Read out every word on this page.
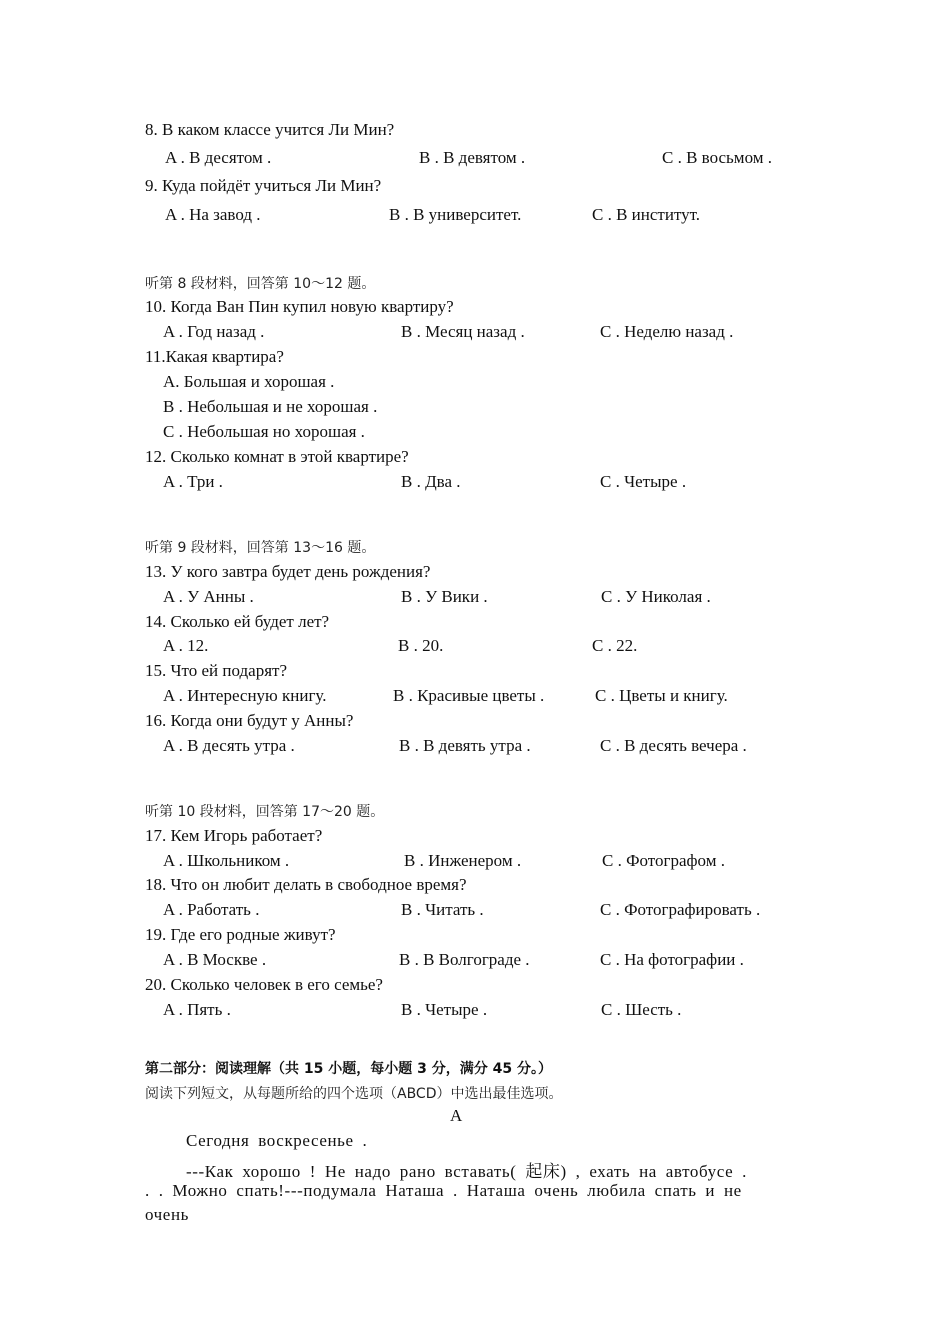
8. В каком классе учится Ли Мин?
A . В десятом .	B . В девятом .	C . В восьмом .
9. Куда пойдёт учиться Ли Мин?
A . На завод .	B . В университет.	C . В институт.
听第 8 段材料，回答第 10～12 题。
10. Когда Ван Пин купил новую квартиру?
A . Год назад .	B . Месяц назад .	C . Неделю назад .
11.Какая квартира?
A. Большая и хорошая .
B . Небольшая и не хорошая .
C . Небольшая но хорошая .
12. Сколько комнат в этой квартире?
A . Три .	B . Два .	C . Четыре .
听第 9 段材料，回答第 13～16 题。
13. У кого завтра будет день рождения?
A . У Анны .	B . У Вики .	C . У Николая .
14. Сколько ей будет лет?
A . 12.	B . 20.	C . 22.
15. Что ей подарят?
A . Интересную книгу.	B . Красивые цветы .	C . Цветы и книгу.
16. Когда они будут у Анны?
A . В десять утра .	B . В девять утра .	C . В десять вечера .
听第 10 段材料，回答第 17～20 题。
17. Кем Игорь работает?
A . Школьником .	B . Инженером .	C . Фотографом .
18. Что он любит делать в свободное время?
A . Работать .	B . Читать .	C . Фотографировать .
19. Где его родные живут?
A . В Москве .	B . В Волгограде .	C . На фотографии .
20. Сколько человек в его семье?
A . Пять .	B . Четыре .	C . Шесть .
第二部分：阅读理解（共 15 小题，每小题 3 分，满分 45 分。）
阅读下列短文，从每题所给的四个选项（ABCD）中选出最佳选项。
A
Сегодня воскресенье .
---Как хорошо ! Не надо рано вставать( 起床) , ехать на автобусе .
. . Можно спать!---подумала Наташа . Наташа очень любила спать и не
очень
